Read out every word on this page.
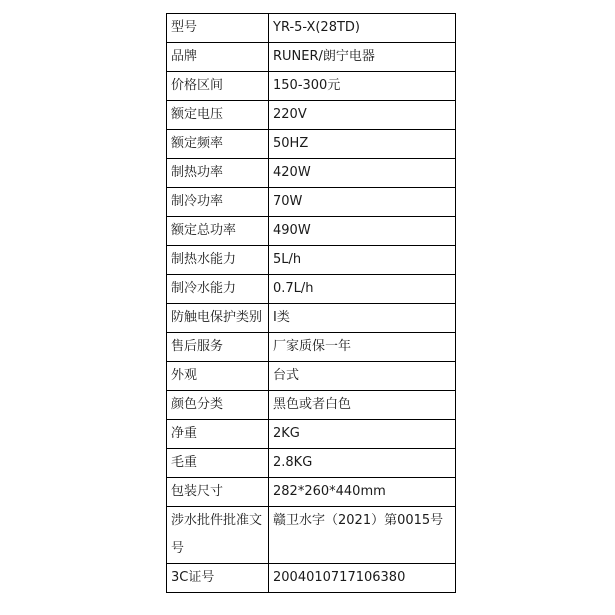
型号	YR-5-X(28TD)
品牌	RUNER/朗宁电器
价格区间	150-300元
额定电压	220V
额定频率	50HZ
制热功率	420W
制冷功率	70W
额定总功率	490W
制热水能力	5L/h
制冷水能力	0.7L/h
防触电保护类别	I类
售后服务	厂家质保一年
外观	台式
颜色分类	黑色或者白色
净重	2KG
毛重	2.8KG
包装尺寸	282*260*440mm
涉水批件批准文号	赣卫水字（2021）第0015号
3C证号	2004010717106380
